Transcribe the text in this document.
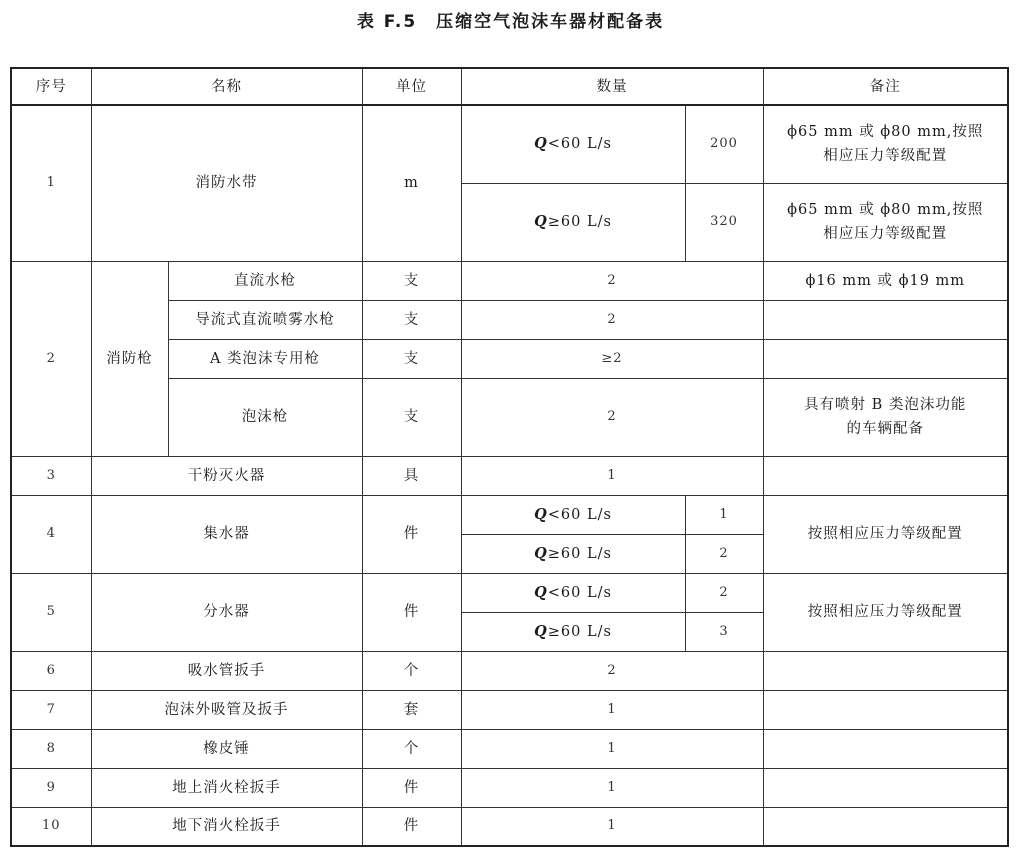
表 F.5　压缩空气泡沫车器材配备表
序号	名称		单位	数量		备注
1	消防水带		m	Q<60 L/s	200	ϕ65 mm 或 ϕ80 mm,按照
相应压力等级配置
				Q≥60 L/s	320	ϕ65 mm 或 ϕ80 mm,按照
相应压力等级配置
2	消防枪	直流水枪	支	2		ϕ16 mm 或 ϕ19 mm
		导流式直流喷雾水枪	支	2		
		A 类泡沫专用枪	支	≥2		
		泡沫枪	支	2		具有喷射 B 类泡沫功能
的车辆配备
3	干粉灭火器		具	1		
4	集水器		件	Q<60 L/s	1	按照相应压力等级配置
				Q≥60 L/s	2	
5	分水器		件	Q<60 L/s	2	按照相应压力等级配置
				Q≥60 L/s	3	
6	吸水管扳手		个	2		
7	泡沫外吸管及扳手		套	1		
8	橡皮锤		个	1		
9	地上消火栓扳手		件	1		
10	地下消火栓扳手		件	1		
